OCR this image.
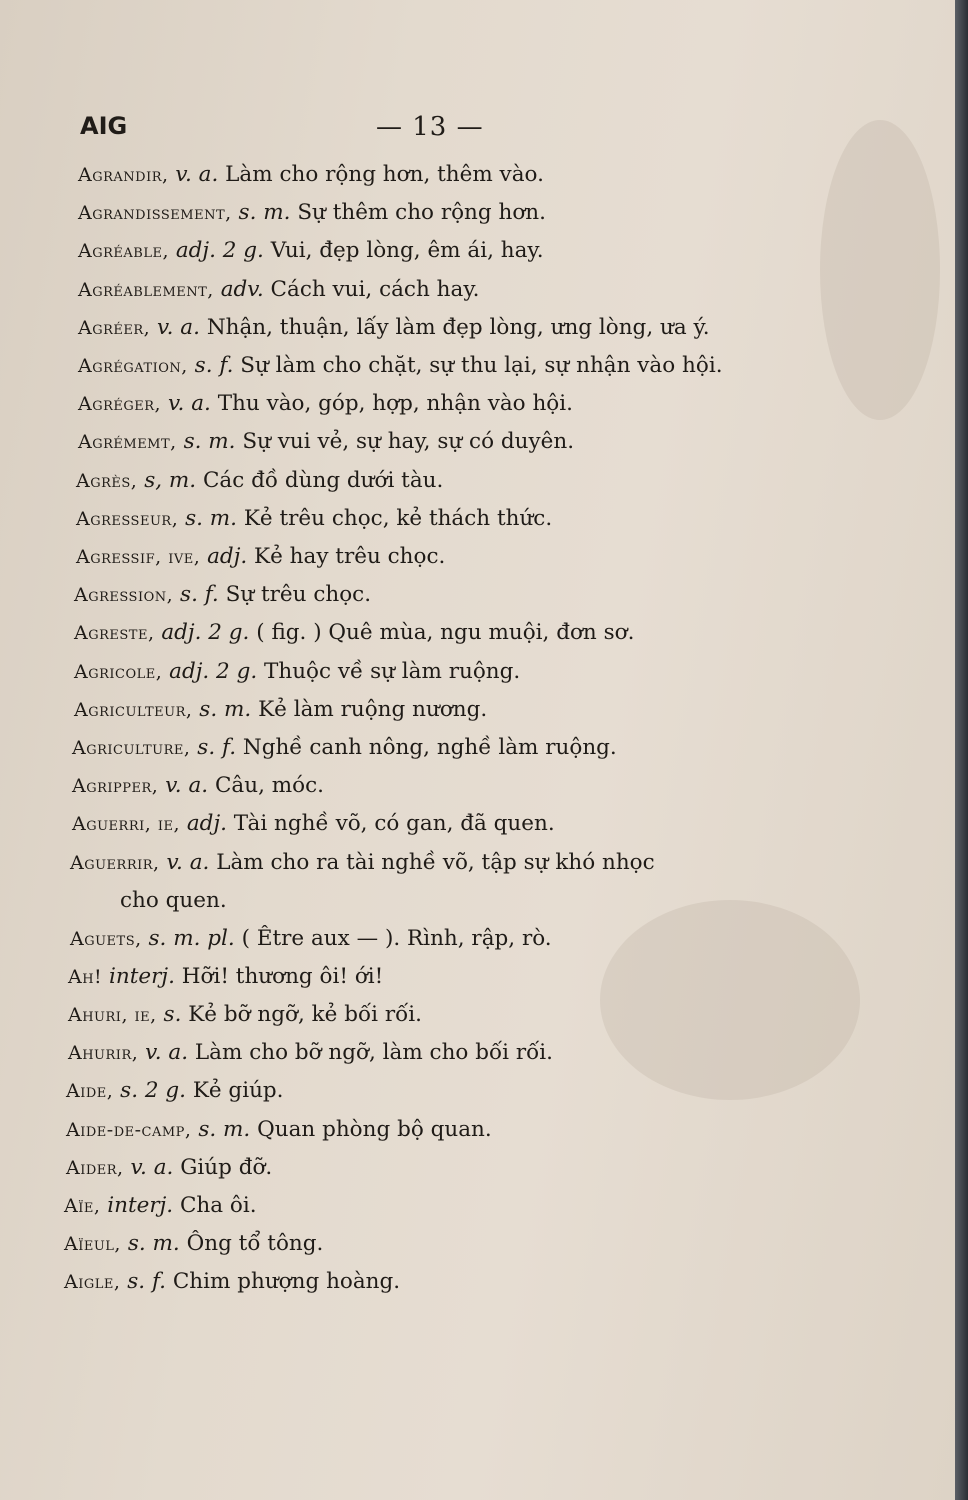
AIG	— 13 —
Agrandir, v. a. Làm cho rộng hơn, thêm vào.
Agrandissement, s. m. Sự thêm cho rộng hơn.
Agréable, adj. 2 g. Vui, đẹp lòng, êm ái, hay.
Agréablement, adv. Cách vui, cách hay.
Agréer, v. a. Nhận, thuận, lấy làm đẹp lòng, ưng lòng, ưa ý.
Agrégation, s. f. Sự làm cho chặt, sự thu lại, sự nhận vào hội.
Agréger, v. a. Thu vào, góp, hợp, nhận vào hội.
Agrémemt, s. m. Sự vui vẻ, sự hay, sự có duyên.
Agrès, s, m. Các đồ dùng dưới tàu.
Agresseur, s. m. Kẻ trêu chọc, kẻ thách thức.
Agressif, ive, adj. Kẻ hay trêu chọc.
Agression, s. f. Sự trêu chọc.
Agreste, adj. 2 g. ( fig. ) Quê mùa, ngu muội, đơn sơ.
Agricole, adj. 2 g. Thuộc về sự làm ruộng.
Agriculteur, s. m. Kẻ làm ruộng nương.
Agriculture, s. f. Nghề canh nông, nghề làm ruộng.
Agripper, v. a. Câu, móc.
Aguerri, ie, adj. Tài nghề võ, có gan, đã quen.
Aguerrir, v. a. Làm cho ra tài nghề võ, tập sự khó nhọc
cho quen.
Aguets, s. m. pl. ( Être aux — ). Rình, rập, rò.
Ah! interj. Hỡi! thương ôi! ới!
Ahuri, ie, s. Kẻ bỡ ngỡ, kẻ bối rối.
Ahurir, v. a. Làm cho bỡ ngỡ, làm cho bối rối.
Aide, s. 2 g. Kẻ giúp.
Aide-de-camp, s. m. Quan phòng bộ quan.
Aider, v. a. Giúp đỡ.
Aïe, interj. Cha ôi.
Aïeul, s. m. Ông tổ tông.
Aigle, s. f. Chim phượng hoàng.
